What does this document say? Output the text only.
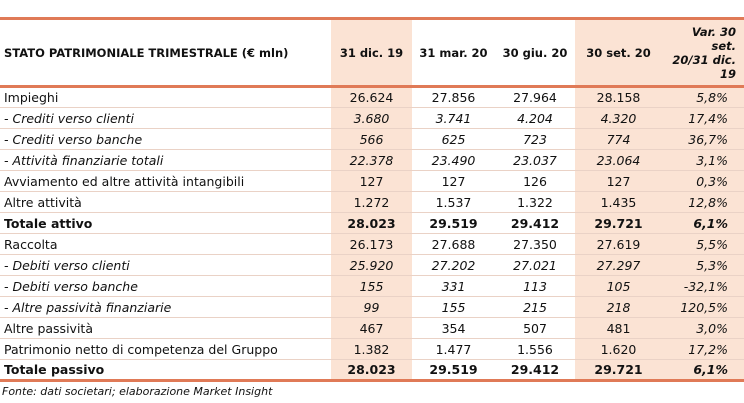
STATO PATRIMONIALE TRIMESTRALE (€ mln)	31 dic. 19	31 mar. 20	30 giu. 20	30 set. 20	Var. 30 set.
20/31 dic.
19
Impieghi	26.624	27.856	27.964	28.158	5,8%
- Crediti verso clienti	3.680	3.741	4.204	4.320	17,4%
- Crediti verso banche	566	625	723	774	36,7%
- Attività finanziarie totali	22.378	23.490	23.037	23.064	3,1%
Avviamento ed altre attività intangibili	127	127	126	127	0,3%
Altre attività	1.272	1.537	1.322	1.435	12,8%
Totale attivo	28.023	29.519	29.412	29.721	6,1%
Raccolta	26.173	27.688	27.350	27.619	5,5%
- Debiti verso clienti	25.920	27.202	27.021	27.297	5,3%
- Debiti verso banche	155	331	113	105	-32,1%
- Altre passività finanziarie	99	155	215	218	120,5%
Altre passività	467	354	507	481	3,0%
Patrimonio netto di competenza del Gruppo	1.382	1.477	1.556	1.620	17,2%
Totale passivo	28.023	29.519	29.412	29.721	6,1%
Fonte: dati societari; elaborazione Market Insight
